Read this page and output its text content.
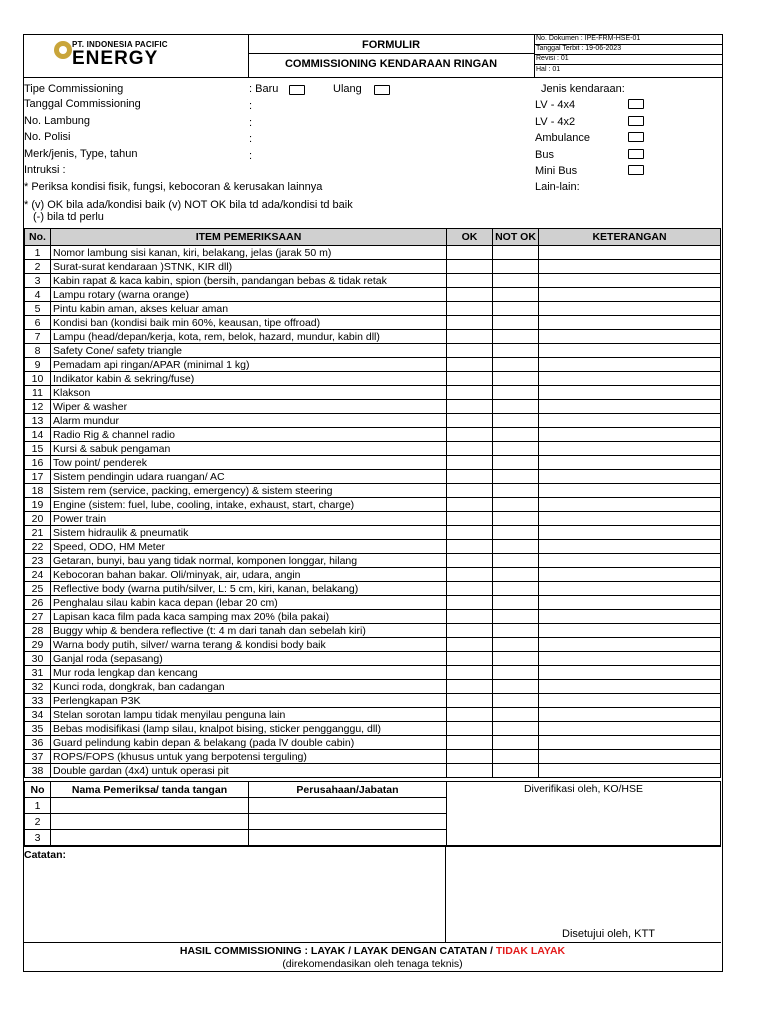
PT. INDONESIA PACIFIC
ENERGY
FORMULIR
COMMISSIONING KENDARAAN RINGAN
No. Dokumen : IPE-FRM-HSE-01
Tanggal Terbit : 19-06-2023
Revisi : 01
Hal : 01
Tipe Commissioning	: Baru	Ulang
Tanggal Commissioning	:
No. Lambung	:
No. Polisi	:
Merk/jenis, Type, tahun	:
Intruksi :
* Periksa kondisi fisik, fungsi, kebocoran & kerusakan lainnya
* (v) OK bila ada/kondisi baik (v) NOT OK bila td ada/kondisi td baik
(-) bila td perlu
Jenis kendaraan:
LV - 4x4
LV - 4x2
Ambulance
Bus
Mini Bus
Lain-lain:
No.	ITEM PEMERIKSAAN	OK	NOT OK	KETERANGAN
1	Nomor lambung sisi kanan, kiri, belakang, jelas (jarak 50 m)			
2	Surat-surat kendaraan )STNK, KIR dll)			
3	Kabin rapat & kaca kabin, spion (bersih, pandangan bebas & tidak retak			
4	Lampu rotary (warna orange)			
5	Pintu kabin aman, akses keluar aman			
6	Kondisi ban (kondisi baik min 60%, keausan, tipe offroad)			
7	Lampu (head/depan/kerja, kota, rem, belok, hazard, mundur, kabin dll)			
8	Safety Cone/ safety triangle			
9	Pemadam api ringan/APAR (minimal 1 kg)			
10	Indikator kabin & sekring/fuse)			
11	Klakson			
12	Wiper & washer			
13	Alarm mundur			
14	Radio Rig & channel radio			
15	Kursi & sabuk pengaman			
16	Tow point/ penderek			
17	Sistem pendingin udara ruangan/ AC			
18	Sistem rem (service, packing, emergency) & sistem steering			
19	Engine (sistem: fuel, lube, cooling, intake, exhaust, start, charge)			
20	Power train			
21	Sistem hidraulik & pneumatik			
22	Speed, ODO, HM Meter			
23	Getaran, bunyi, bau yang tidak normal, komponen longgar, hilang			
24	Kebocoran bahan bakar. Oli/minyak, air, udara, angin			
25	Reflective body (warna putih/silver, L: 5 cm, kiri, kanan, belakang)			
26	Penghalau silau kabin kaca depan (lebar 20 cm)			
27	Lapisan kaca film pada kaca samping max 20% (bila pakai)			
28	Buggy whip & bendera reflective (t: 4 m dari tanah dan sebelah kiri)			
29	Warna body putih, silver/ warna terang & kondisi body baik			
30	Ganjal roda (sepasang)			
31	Mur roda lengkap dan kencang			
32	Kunci roda, dongkrak, ban cadangan			
33	Perlengkapan P3K			
34	Stelan sorotan lampu tidak menyilau penguna lain			
35	Bebas modisifikasi (lamp silau, knalpot bising, sticker pengganggu, dll)			
36	Guard pelindung kabin depan & belakang (pada lV double cabin)			
37	ROPS/FOPS (khusus untuk yang berpotensi terguling)			
38	Double gardan (4x4) untuk operasi pit			
No	Nama Pemeriksa/ tanda tangan	Perusahaan/Jabatan	Diverifikasi oleh, KO/HSE
1			
2			
3			
Catatan:
Disetujui oleh, KTT
HASIL COMMISSIONING : LAYAK / LAYAK DENGAN CATATAN / TIDAK LAYAK
(direkomendasikan oleh tenaga teknis)
